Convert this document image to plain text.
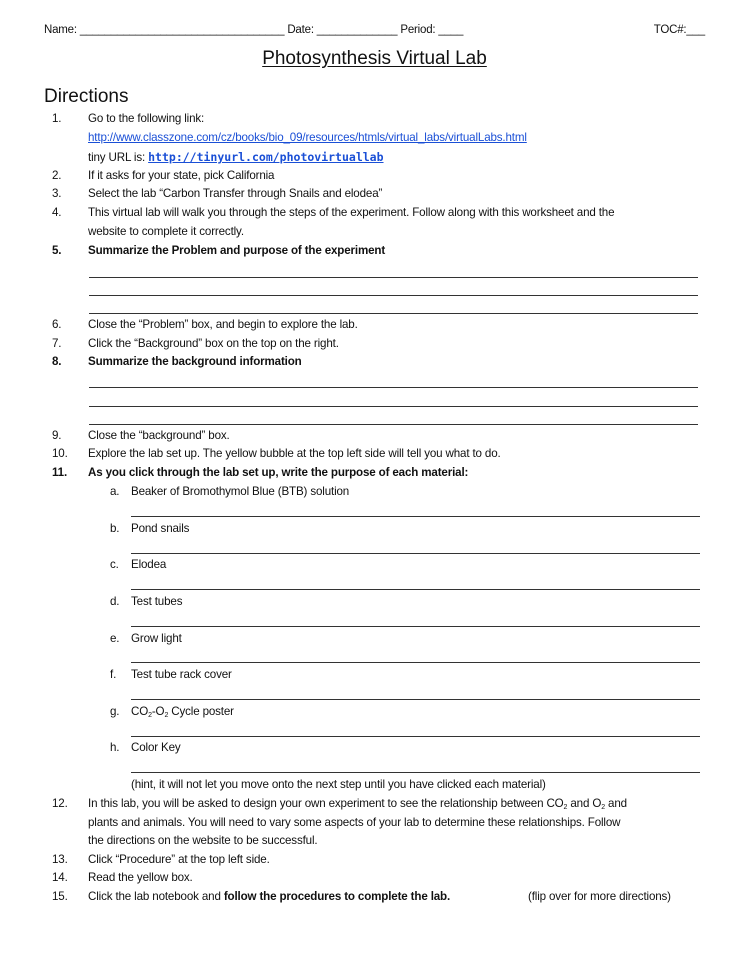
Name: _________________________________ Date: _____________ Period: ____	TOC#:___
Photosynthesis Virtual Lab
Directions
1.	Go to the following link:
http://www.classzone.com/cz/books/bio_09/resources/htmls/virtual_labs/virtualLabs.html
tiny URL is: http://tinyurl.com/photovirtuallab
2.	If it asks for your state, pick California
3.	Select the lab “Carbon Transfer through Snails and elodea”
4.	This virtual lab will walk you through the steps of the experiment. Follow along with this worksheet and the
website to complete it correctly.
5.	Summarize the Problem and purpose of the experiment
6.	Close the “Problem” box, and begin to explore the lab.
7.	Click the “Background” box on the top on the right.
8.	Summarize the background information
9.	Close the “background” box.
10. Explore the lab set up. The yellow bubble at the top left side will tell you what to do.
11. As you click through the lab set up, write the purpose of each material:
a. Beaker of Bromothymol Blue (BTB) solution
b. Pond snails
c. Elodea
d. Test tubes
e. Grow light
f. Test tube rack cover
g. $CO_2-O_2$ Cycle poster
h. Color Key
(hint, it will not let you move onto the next step until you have clicked each material)
12. In this lab, you will be asked to design your own experiment to see the relationship between $CO_2$ and $O_2$ and
plants and animals. You will need to vary some aspects of your lab to determine these relationships. Follow
the directions on the website to be successful.
13. Click “Procedure” at the top left side.
14. Read the yellow box.
15. Click the lab notebook and follow the procedures to complete the lab.	(flip over for more directions)
